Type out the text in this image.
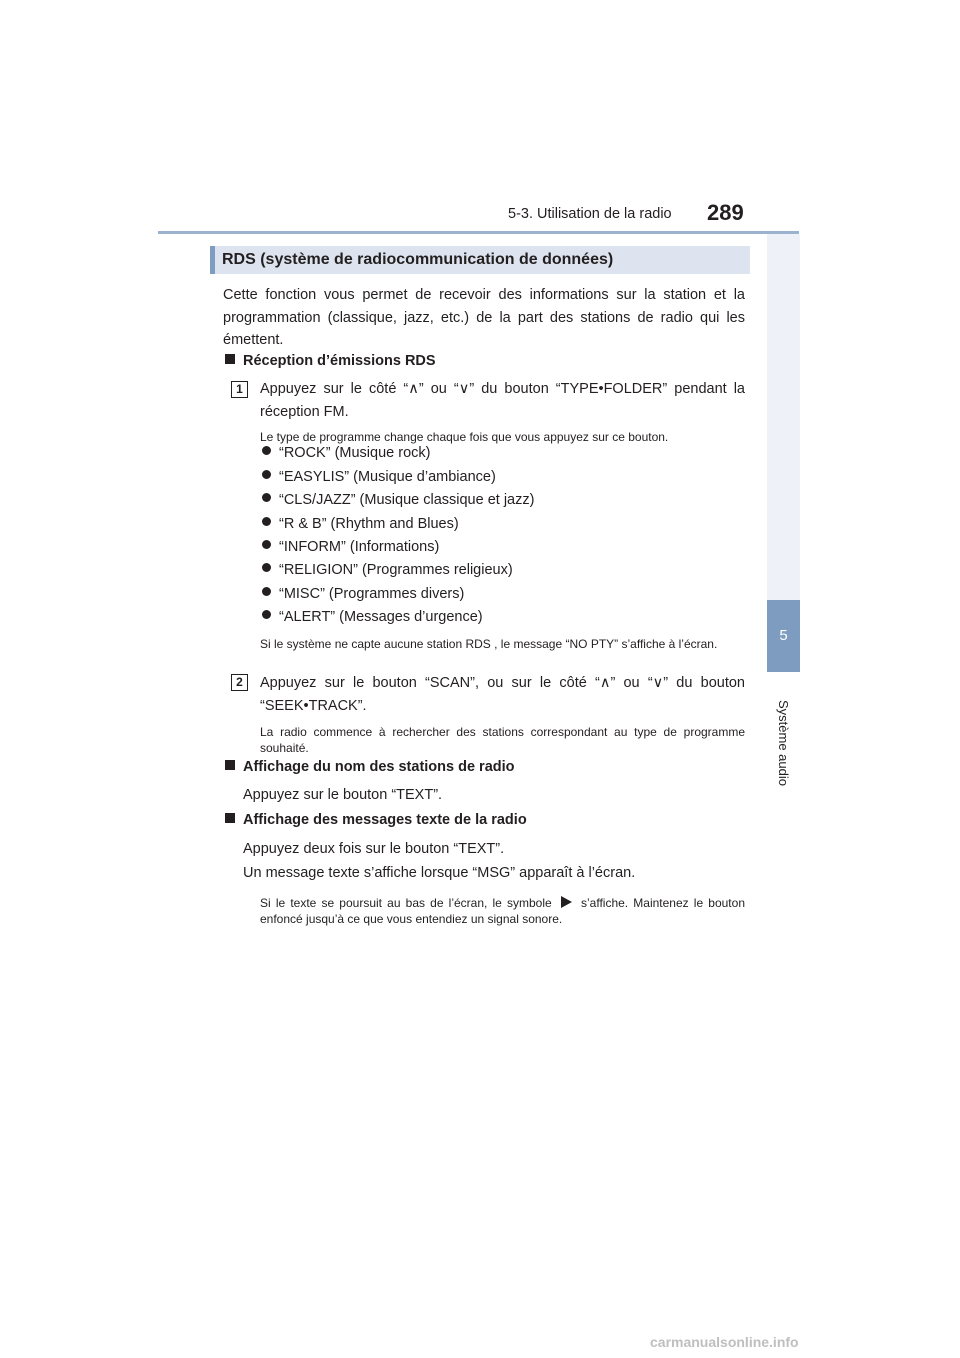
5-3. Utilisation de la radio 289
5
Système audio
RDS (système de radiocommunication de données)
Cette fonction vous permet de recevoir des informations sur la station et la programmation (classique, jazz, etc.) de la part des stations de radio qui les émettent.
Réception d’émissions RDS
1	Appuyez sur le côté “∧” ou “∨” du bouton “TYPE•FOLDER” pendant la réception FM.
Le type de programme change chaque fois que vous appuyez sur ce bouton.
“ROCK” (Musique rock)
“EASYLIS” (Musique d’ambiance)
“CLS/JAZZ” (Musique classique et jazz)
“R & B” (Rhythm and Blues)
“INFORM” (Informations)
“RELIGION” (Programmes religieux)
“MISC” (Programmes divers)
“ALERT” (Messages d’urgence)
Si le système ne capte aucune station RDS , le message “NO PTY” s’affiche à l’écran.
2	Appuyez sur le bouton “SCAN”, ou sur le côté “∧” ou “∨” du bouton “SEEK•TRACK”.
La radio commence à rechercher des stations correspondant au type de programme souhaité.
Affichage du nom des stations de radio
Appuyez sur le bouton “TEXT”.
Affichage des messages texte de la radio
Appuyez deux fois sur le bouton “TEXT”.
Un message texte s’affiche lorsque “MSG” apparaît à l’écran.
Si le texte se poursuit au bas de l’écran, le symbole s’affiche. Maintenez le bouton enfoncé jusqu’à ce que vous entendiez un signal sonore.
carmanualsonline.info
